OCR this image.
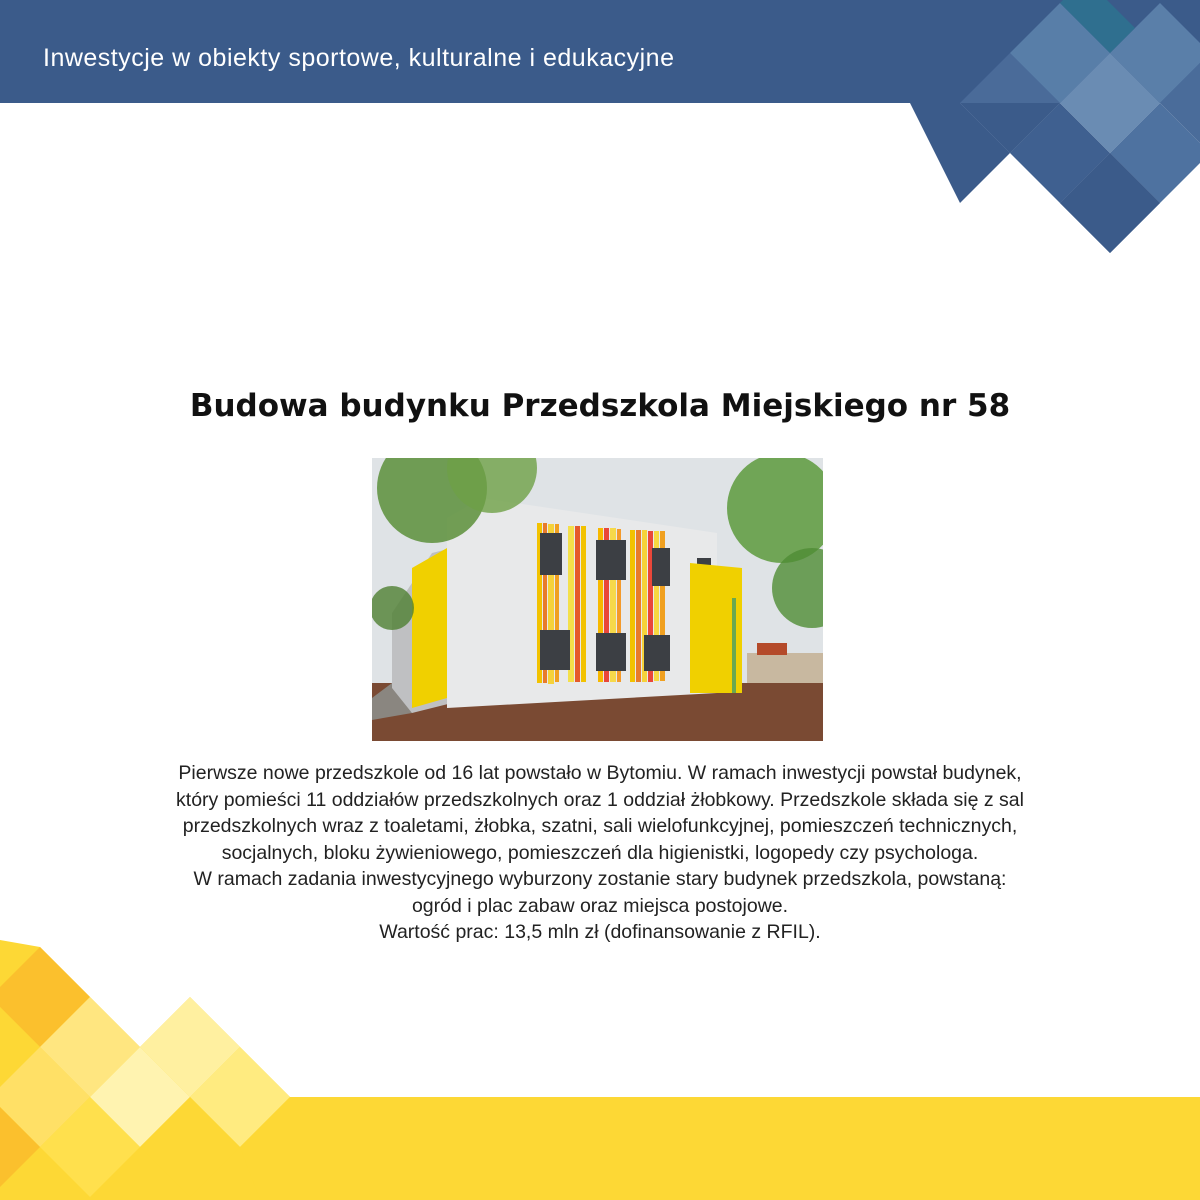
Inwestycje w obiekty sportowe, kulturalne i edukacyjne
Budowa budynku Przedszkola Miejskiego nr 58
Pierwsze nowe przedszkole od 16 lat powstało w Bytomiu. W ramach inwestycji powstał budynek,
który pomieści 11 oddziałów przedszkolnych oraz 1 oddział żłobkowy. Przedszkole składa się z sal
przedszkolnych wraz z toaletami, żłobka, szatni, sali wielofunkcyjnej, pomieszczeń technicznych,
socjalnych, bloku żywieniowego, pomieszczeń dla higienistki, logopedy czy psychologa.
W ramach zadania inwestycyjnego wyburzony zostanie stary budynek przedszkola, powstaną:
ogród i plac zabaw oraz miejsca postojowe.
Wartość prac: 13,5 mln zł (dofinansowanie z RFIL).
